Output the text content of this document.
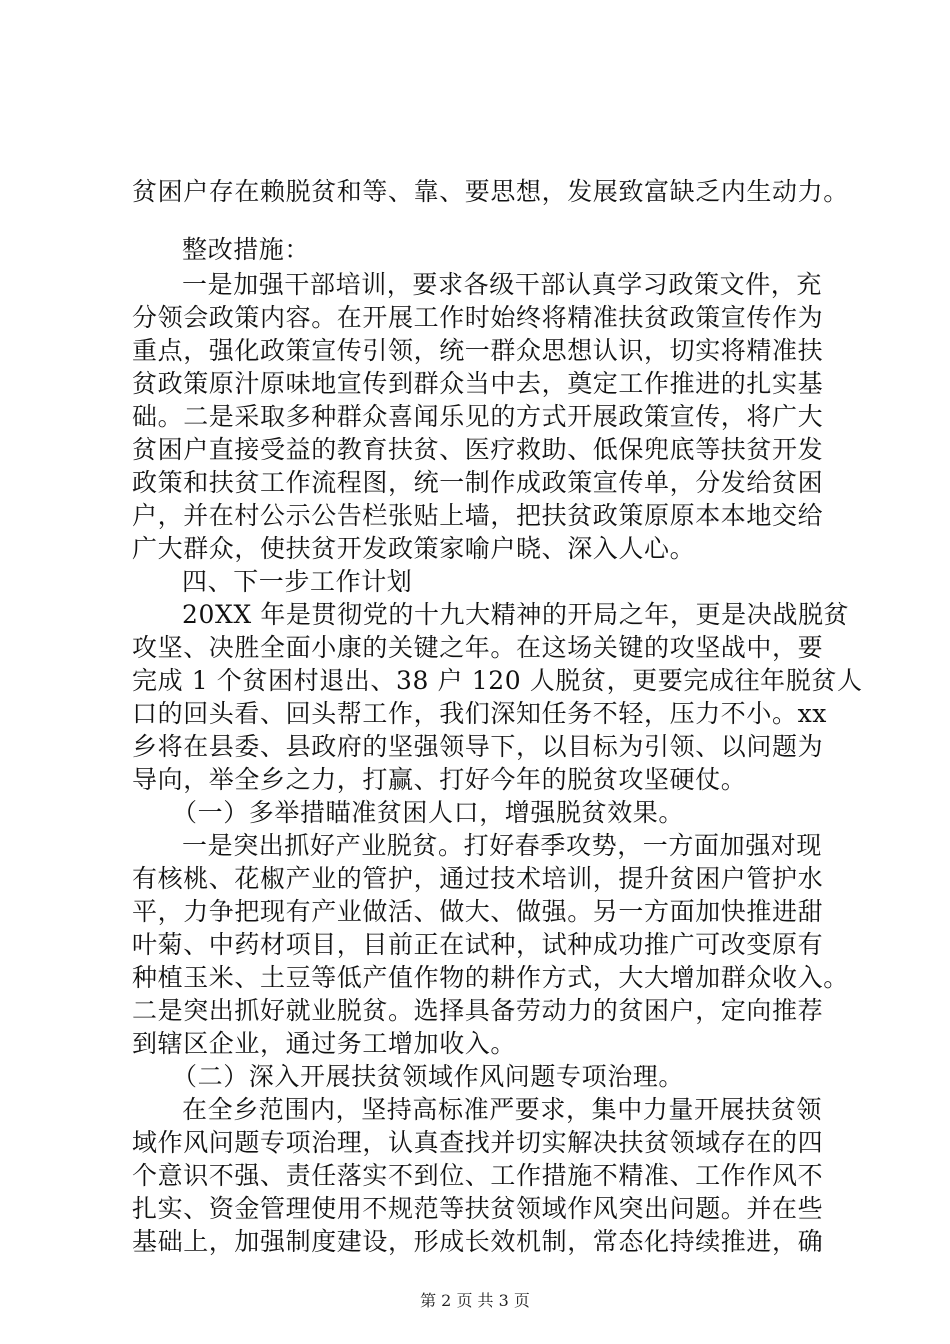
贫困户存在赖脱贫和等、靠、要思想，发展致富缺乏内生动力。
整改措施：
一是加强干部培训，要求各级干部认真学习政策文件，充
分领会政策内容。在开展工作时始终将精准扶贫政策宣传作为
重点，强化政策宣传引领，统一群众思想认识，切实将精准扶
贫政策原汁原味地宣传到群众当中去，奠定工作推进的扎实基
础。二是采取多种群众喜闻乐见的方式开展政策宣传，将广大
贫困户直接受益的教育扶贫、医疗救助、低保兜底等扶贫开发
政策和扶贫工作流程图，统一制作成政策宣传单，分发给贫困
户，并在村公示公告栏张贴上墙，把扶贫政策原原本本地交给
广大群众，使扶贫开发政策家喻户晓、深入人心。
四、下一步工作计划
20XX 年是贯彻党的十九大精神的开局之年，更是决战脱贫
攻坚、决胜全面小康的关键之年。在这场关键的攻坚战中，要
完成 1 个贫困村退出、38 户 120 人脱贫，更要完成往年脱贫人
口的回头看、回头帮工作，我们深知任务不轻，压力不小。xx
乡将在县委、县政府的坚强领导下，以目标为引领、以问题为
导向，举全乡之力，打赢、打好今年的脱贫攻坚硬仗。
（一）多举措瞄准贫困人口，增强脱贫效果。
一是突出抓好产业脱贫。打好春季攻势，一方面加强对现
有核桃、花椒产业的管护，通过技术培训，提升贫困户管护水
平，力争把现有产业做活、做大、做强。另一方面加快推进甜
叶菊、中药材项目，目前正在试种，试种成功推广可改变原有
种植玉米、土豆等低产值作物的耕作方式，大大增加群众收入。
二是突出抓好就业脱贫。选择具备劳动力的贫困户，定向推荐
到辖区企业，通过务工增加收入。
（二）深入开展扶贫领域作风问题专项治理。
在全乡范围内，坚持高标准严要求，集中力量开展扶贫领
域作风问题专项治理，认真查找并切实解决扶贫领域存在的四
个意识不强、责任落实不到位、工作措施不精准、工作作风不
扎实、资金管理使用不规范等扶贫领域作风突出问题。并在些
基础上，加强制度建设，形成长效机制，常态化持续推进，确
第 2 页 共 3 页
